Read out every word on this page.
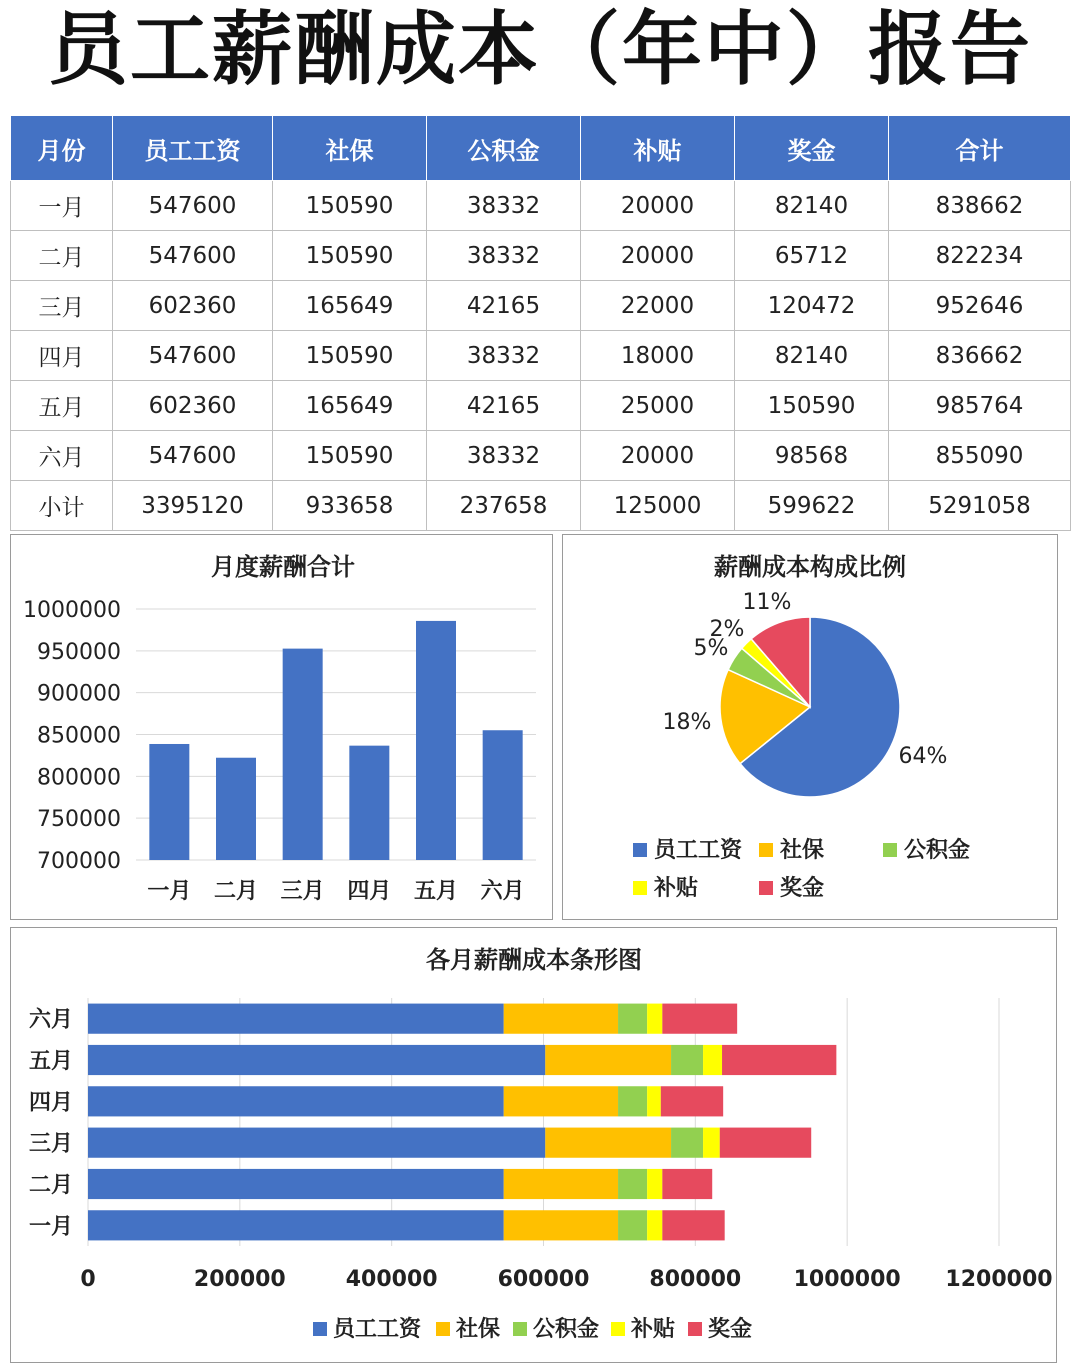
员工薪酬成本（年中）报告
月份	员工工资	社保	公积金	补贴	奖金	合计
一月	547600	150590	38332	20000	82140	838662
二月	547600	150590	38332	20000	65712	822234
三月	602360	165649	42165	22000	120472	952646
四月	547600	150590	38332	18000	82140	836662
五月	602360	165649	42165	25000	150590	985764
六月	547600	150590	38332	20000	98568	855090
小计	3395120	933658	237658	125000	599622	5291058
月度薪酬合计
700000
750000
800000
850000
900000
950000
1000000
一月 二月 三月 四月 五月 六月
薪酬成本构成比例
64%
18%
5%
2%
11%
员工工资 社保	公积金
补贴	奖金
各月薪酬成本条形图
0	200000	400000	600000	800000 1000000 1200000
一月
二月
三月
四月
五月
六月
员工工资 社保 公积金 补贴 奖金
